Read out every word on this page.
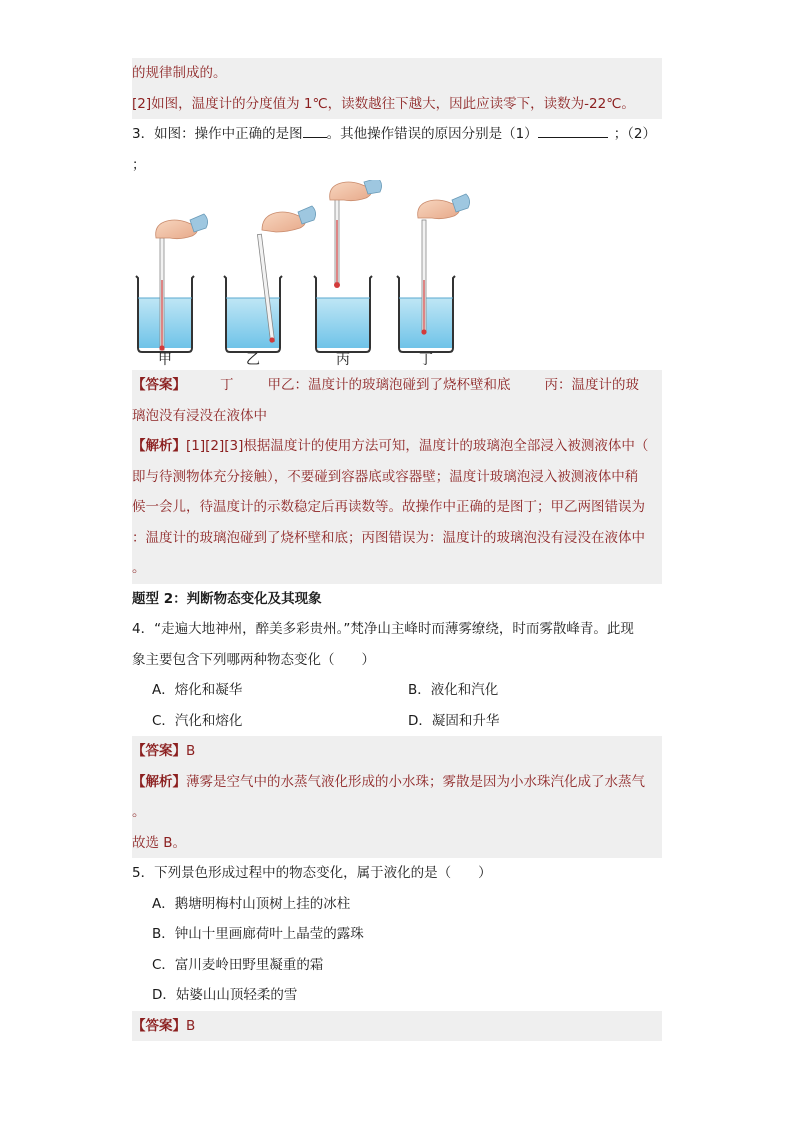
的规律制成的。
[2]如图，温度计的分度值为 1℃，读数越往下越大，因此应读零下，读数为-22℃。
3．如图：操作中正确的是图 。其他操作错误的原因分别是（1）	；（2）
；
甲	乙	丙	丁
【答案】	丁	甲乙：温度计的玻璃泡碰到了烧杯壁和底	丙：温度计的玻
璃泡没有浸没在液体中
【解析】[1][2][3]根据温度计的使用方法可知，温度计的玻璃泡全部浸入被测液体中（
即与待测物体充分接触），不要碰到容器底或容器壁；温度计玻璃泡浸入被测液体中稍
候一会儿，待温度计的示数稳定后再读数等。故操作中正确的是图丁；甲乙两图错误为
：温度计的玻璃泡碰到了烧杯壁和底；丙图错误为：温度计的玻璃泡没有浸没在液体中
。
题型 2：判断物态变化及其现象
4．“走遍大地神州，醉美多彩贵州。”梵净山主峰时而薄雾缭绕，时而雾散峰青。此现
象主要包含下列哪两种物态变化（　　）
A．熔化和凝华	B．液化和汽化
C．汽化和熔化	D．凝固和升华
【答案】B
【解析】薄雾是空气中的水蒸气液化形成的小水珠；雾散是因为小水珠汽化成了水蒸气
。
故选 B。
5．下列景色形成过程中的物态变化，属于液化的是（　　）
A．鹅塘明梅村山顶树上挂的冰柱
B．钟山十里画廊荷叶上晶莹的露珠
C．富川麦岭田野里凝重的霜
D．姑婆山山顶轻柔的雪
【答案】B
